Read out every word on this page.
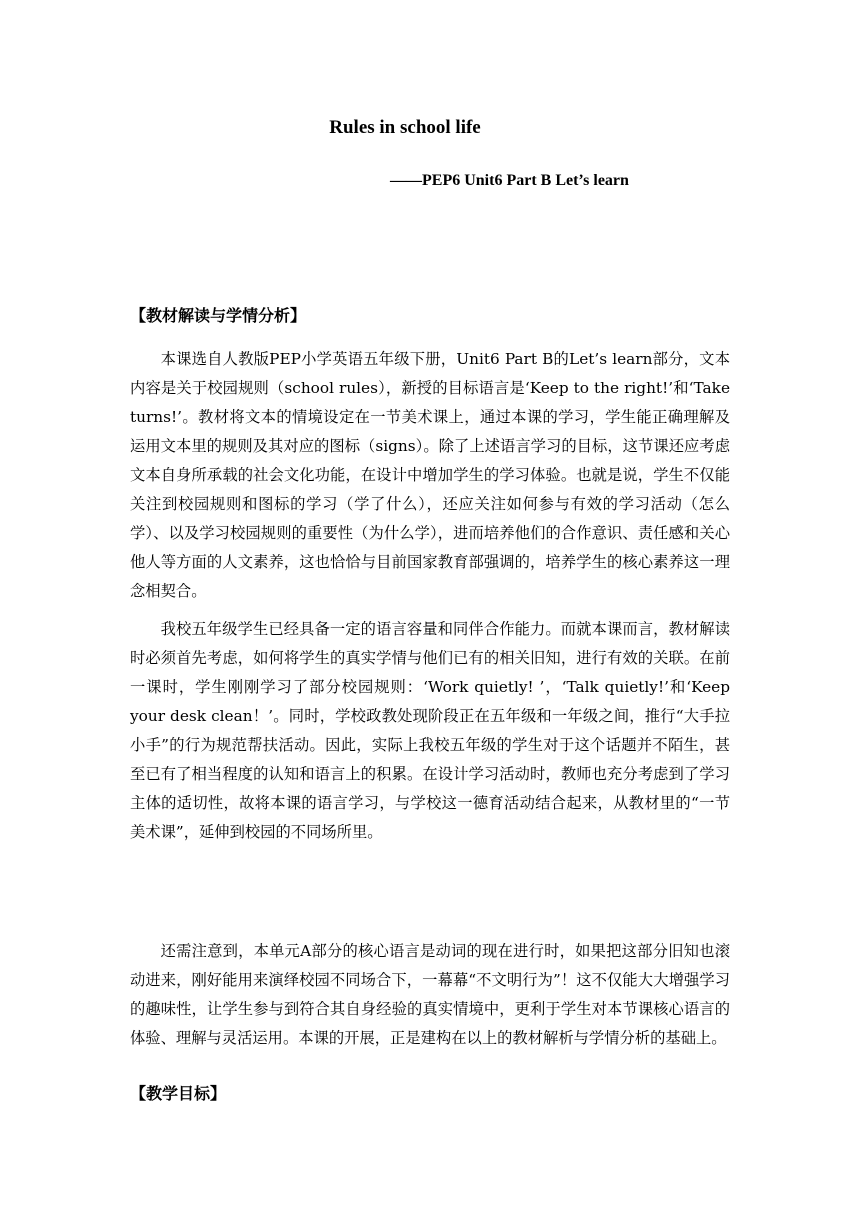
Rules in school life
——PEP6 Unit6 Part B Let’s learn
【教材解读与学情分析】

本课选自人教版PEP小学英语五年级下册，Unit6 Part B的Let’s learn部分，文本内容是关于校园规则（school rules），新授的目标语言是‘Keep to the right!’和‘Take turns!’。教材将文本的情境设定在一节美术课上，通过本课的学习，学生能正确理解及运用文本里的规则及其对应的图标（signs）。除了上述语言学习的目标，这节课还应考虑文本自身所承载的社会文化功能，在设计中增加学生的学习体验。也就是说，学生不仅能关注到校园规则和图标的学习（学了什么），还应关注如何参与有效的学习活动（怎么学）、以及学习校园规则的重要性（为什么学），进而培养他们的合作意识、责任感和关心他人等方面的人文素养，这也恰恰与目前国家教育部强调的，培养学生的核心素养这一理念相契合。

我校五年级学生已经具备一定的语言容量和同伴合作能力。而就本课而言，教材解读时必须首先考虑，如何将学生的真实学情与他们已有的相关旧知，进行有效的关联。在前一课时，学生刚刚学习了部分校园规则：‘Work quietly! ’，‘Talk quietly!’和‘Keep your desk clean！’。同时，学校政教处现阶段正在五年级和一年级之间，推行“大手拉小手”的行为规范帮扶活动。因此，实际上我校五年级的学生对于这个话题并不陌生，甚至已有了相当程度的认知和语言上的积累。在设计学习活动时，教师也充分考虑到了学习主体的适切性，故将本课的语言学习，与学校这一德育活动结合起来，从教材里的“一节美术课”，延伸到校园的不同场所里。

还需注意到，本单元A部分的核心语言是动词的现在进行时，如果把这部分旧知也滚动进来，刚好能用来演绎校园不同场合下，一幕幕“不文明行为”！这不仅能大大增强学习的趣味性，让学生参与到符合其自身经验的真实情境中，更利于学生对本节课核心语言的体验、理解与灵活运用。本课的开展，正是建构在以上的教材解析与学情分析的基础上。

【教学目标】
